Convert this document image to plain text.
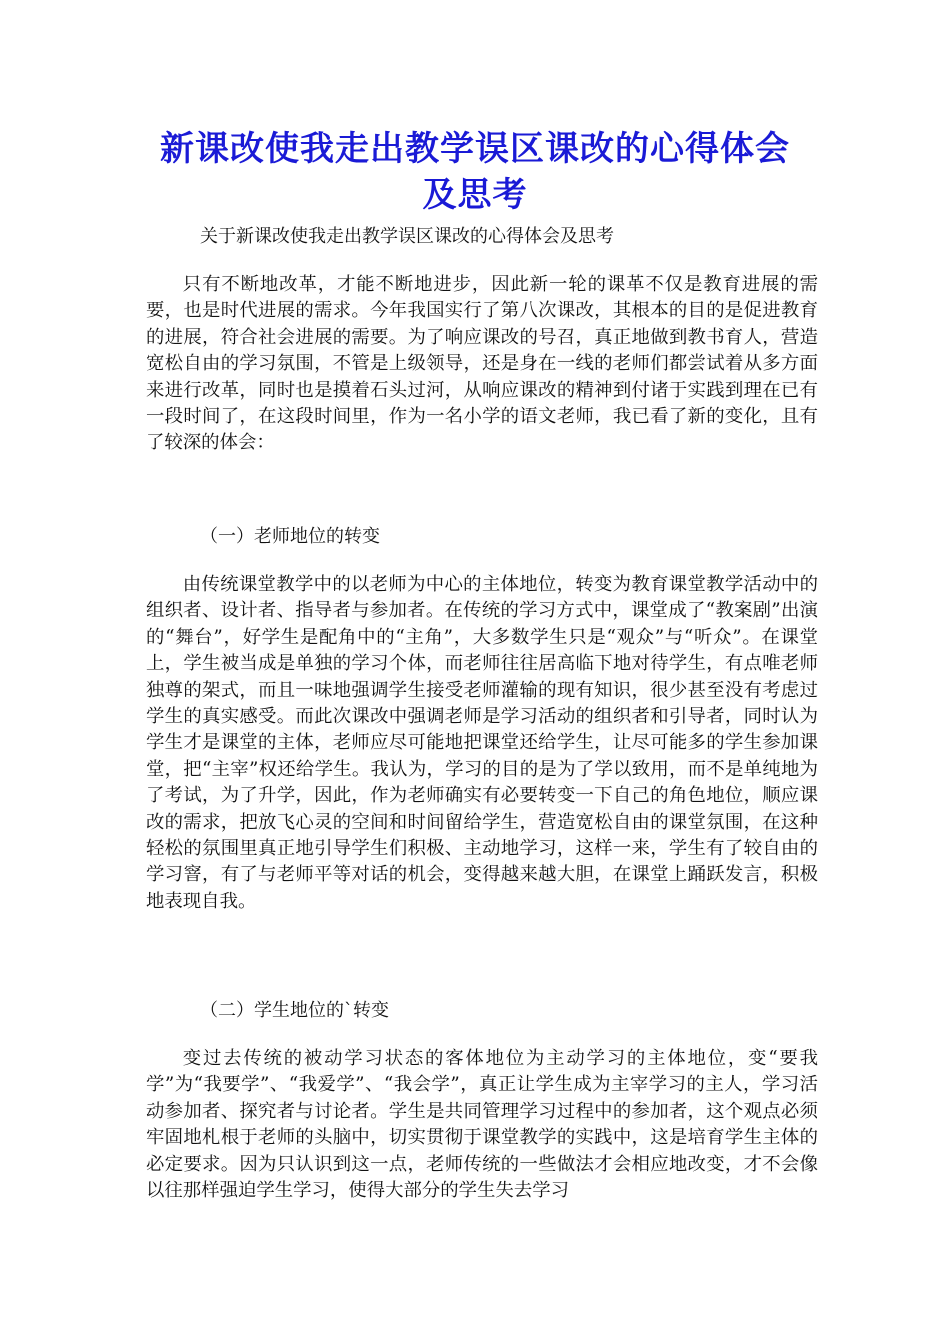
新课改使我走出教学误区课改的心得体会及思考
关于新课改使我走出教学误区课改的心得体会及思考

只有不断地改革，才能不断地进步，因此新一轮的课革不仅是教育进展的需要，也是时代进展的需求。今年我国实行了第八次课改，其根本的目的是促进教育的进展，符合社会进展的需要。为了响应课改的号召，真正地做到教书育人，营造宽松自由的学习氛围，不管是上级领导，还是身在一线的老师们都尝试着从多方面来进行改革，同时也是摸着石头过河，从响应课改的精神到付诸于实践到理在已有一段时间了，在这段时间里，作为一名小学的语文老师，我已看了新的变化，且有了较深的体会：

（一）老师地位的转变

由传统课堂教学中的以老师为中心的主体地位，转变为教育课堂教学活动中的组织者、设计者、指导者与参加者。在传统的学习方式中，课堂成了“教案剧”出演的“舞台”，好学生是配角中的“主角”，大多数学生只是“观众”与“听众”。在课堂上，学生被当成是单独的学习个体，而老师往往居高临下地对待学生，有点唯老师独尊的架式，而且一味地强调学生接受老师灌输的现有知识，很少甚至没有考虑过学生的真实感受。而此次课改中强调老师是学习活动的组织者和引导者，同时认为学生才是课堂的主体，老师应尽可能地把课堂还给学生，让尽可能多的学生参加课堂，把“主宰”权还给学生。我认为，学习的目的是为了学以致用，而不是单纯地为了考试，为了升学，因此，作为老师确实有必要转变一下自己的角色地位，顺应课改的需求，把放飞心灵的空间和时间留给学生，营造宽松自由的课堂氛围，在这种轻松的氛围里真正地引导学生们积极、主动地学习，这样一来，学生有了较自由的学习窨，有了与老师平等对话的机会，变得越来越大胆，在课堂上踊跃发言，积极地表现自我。

（二）学生地位的`转变

变过去传统的被动学习状态的客体地位为主动学习的主体地位，变“要我学”为“我要学”、“我爱学”、“我会学”，真正让学生成为主宰学习的主人，学习活动参加者、探究者与讨论者。学生是共同管理学习过程中的参加者，这个观点必须牢固地札根于老师的头脑中，切实贯彻于课堂教学的实践中，这是培育学生主体的必定要求。因为只认识到这一点，老师传统的一些做法才会相应地改变，才不会像以往那样强迫学生学习，使得大部分的学生失去学习
